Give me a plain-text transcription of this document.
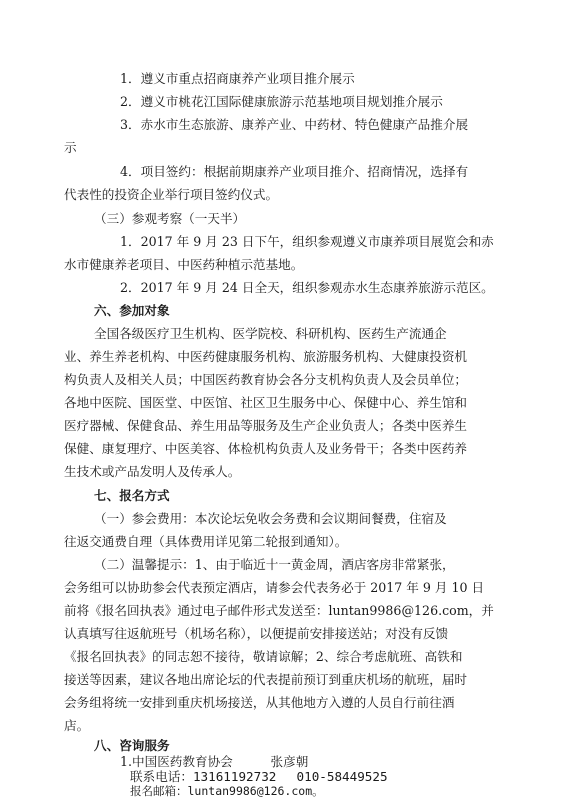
1．遵义市重点招商康养产业项目推介展示
2．遵义市桃花江国际健康旅游示范基地项目规划推介展示
3．赤水市生态旅游、康养产业、中药材、特色健康产品推介展
示
4．项目签约：根据前期康养产业项目推介、招商情况，选择有
代表性的投资企业举行项目签约仪式。
（三）参观考察（一天半）
1．2017 年 9 月 23 日下午，组织参观遵义市康养项目展览会和赤
水市健康养老项目、中医药种植示范基地。
2．2017 年 9 月 24 日全天，组织参观赤水生态康养旅游示范区。
六、参加对象
全国各级医疗卫生机构、医学院校、科研机构、医药生产流通企
业、养生养老机构、中医药健康服务机构、旅游服务机构、大健康投资机
构负责人及相关人员；中国医药教育协会各分支机构负责人及会员单位；
各地中医院、国医堂、中医馆、社区卫生服务中心、保健中心、养生馆和
医疗器械、保健食品、养生用品等服务及生产企业负责人；各类中医养生
保健、康复理疗、中医美容、体检机构负责人及业务骨干；各类中医药养
生技术或产品发明人及传承人。
七、报名方式
（一）参会费用：本次论坛免收会务费和会议期间餐费，住宿及
往返交通费自理（具体费用详见第二轮报到通知）。
（二）温馨提示：1、由于临近十一黄金周，酒店客房非常紧张，
会务组可以协助参会代表预定酒店，请参会代表务必于 2017 年 9 月 10 日
前将《报名回执表》通过电子邮件形式发送至：luntan9986@126.com，并
认真填写往返航班号（机场名称），以便提前安排接送站；对没有反馈
《报名回执表》的同志恕不接待，敬请谅解；2、综合考虑航班、高铁和
接送等因素，建议各地出席论坛的代表提前预订到重庆机场的航班，届时
会务组将统一安排到重庆机场接送，从其他地方入遵的人员自行前往酒
店。
八、咨询服务
1.中国医药教育协会　　　张彦朝
联系电话：13161192732　 010-58449525
报名邮箱：luntan9986@126.com。
